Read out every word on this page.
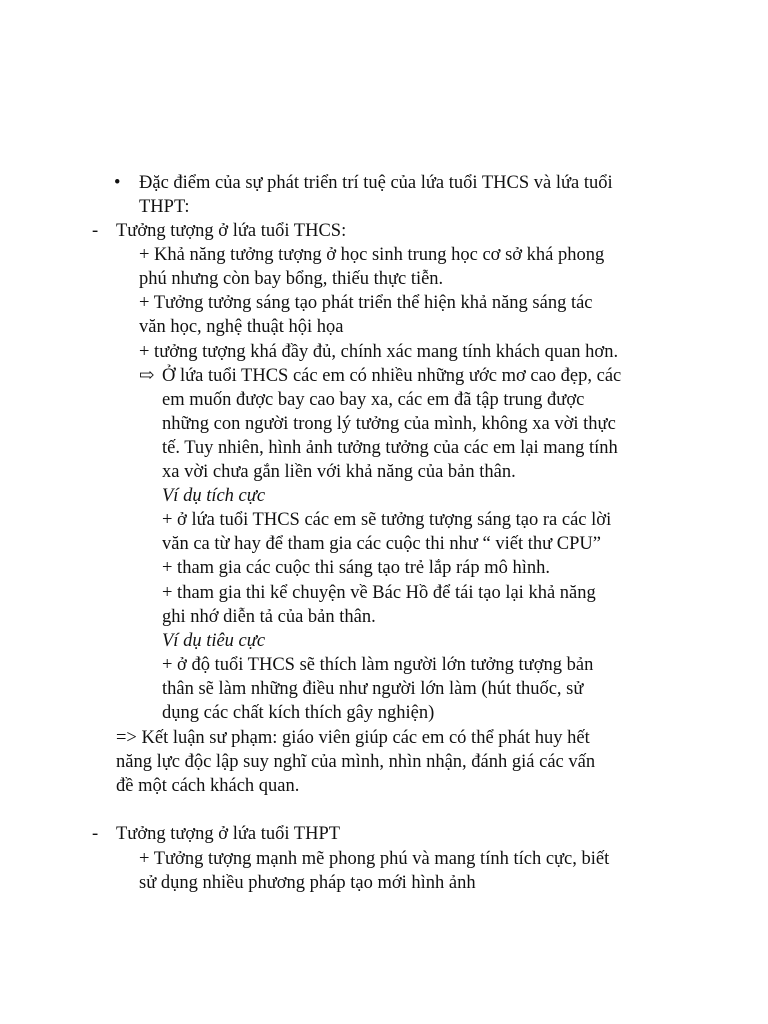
• Đặc điểm của sự phát triển trí tuệ của lứa tuổi THCS và lứa tuổi
THPT:
- Tưởng tượng ở lứa tuổi THCS:
+ Khả năng tưởng tượng ở học sinh trung học cơ sở khá phong
phú nhưng còn bay bổng, thiếu thực tiễn.
+ Tưởng tưởng sáng tạo phát triển thể hiện khả năng sáng tác
văn học, nghệ thuật hội họa
+ tưởng tượng khá đầy đủ, chính xác mang tính khách quan hơn.
⇨ Ở lứa tuổi THCS các em có nhiều những ước mơ cao đẹp, các
em muốn được bay cao bay xa, các em đã tập trung được
những con người trong lý tưởng của mình, không xa vời thực
tế. Tuy nhiên, hình ảnh tưởng tưởng của các em lại mang tính
xa vời chưa gắn liền với khả năng của bản thân.
Ví dụ tích cực
+ ở lứa tuổi THCS các em sẽ tưởng tượng sáng tạo ra các lời
văn ca từ hay để tham gia các cuộc thi như “ viết thư CPU”
+ tham gia các cuộc thi sáng tạo trẻ lắp ráp mô hình.
+ tham gia thi kể chuyện về Bác Hồ để tái tạo lại khả năng
ghi nhớ diễn tả của bản thân.
Ví dụ tiêu cực
+ ở độ tuổi THCS sẽ thích làm người lớn tưởng tượng bản
thân sẽ làm những điều như người lớn làm (hút thuốc, sử
dụng các chất kích thích gây nghiện)
=> Kết luận sư phạm: giáo viên giúp các em có thể phát huy hết
năng lực độc lập suy nghĩ của mình, nhìn nhận, đánh giá các vấn
đề một cách khách quan.
- Tưởng tượng ở lứa tuổi THPT
+ Tưởng tượng mạnh mẽ phong phú và mang tính tích cực, biết
sử dụng nhiều phương pháp tạo mới hình ảnh
